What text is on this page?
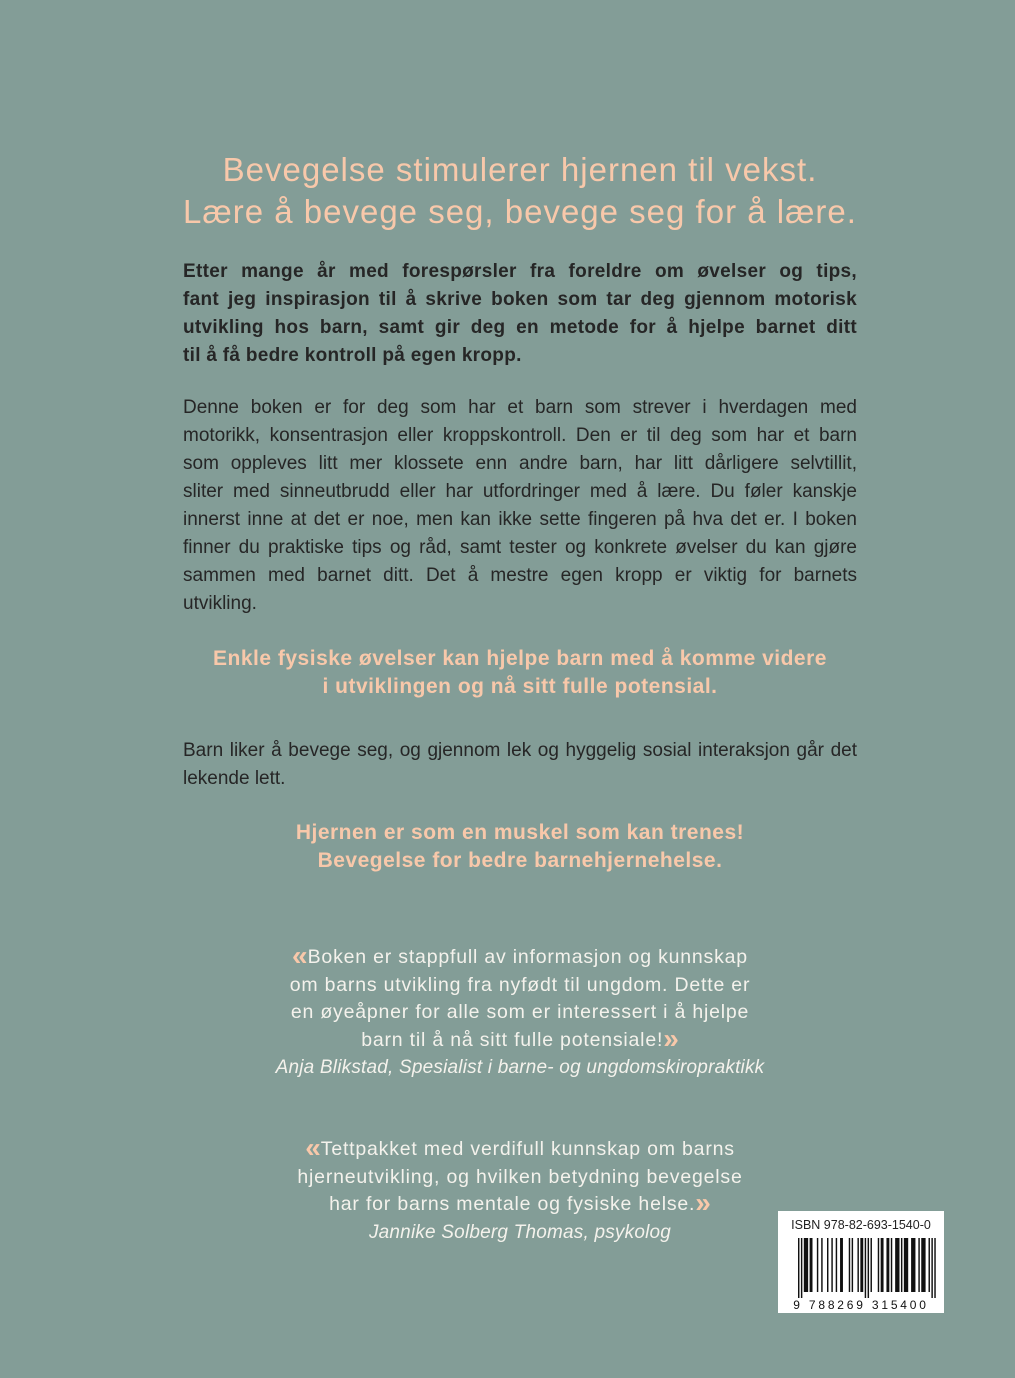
Bevegelse stimulerer hjernen til vekst.
Lære å bevege seg, bevege seg for å lære.
Etter mange år med forespørsler fra foreldre om øvelser og tips,
fant jeg inspirasjon til å skrive boken som tar deg gjennom motorisk
utvikling hos barn, samt gir deg en metode for å hjelpe barnet ditt
til å få bedre kontroll på egen kropp.
Denne boken er for deg som har et barn som strever i hverdagen med
motorikk, konsentrasjon eller kroppskontroll. Den er til deg som har et barn
som oppleves litt mer klossete enn andre barn, har litt dårligere selvtillit,
sliter med sinneutbrudd eller har utfordringer med å lære. Du føler kanskje
innerst inne at det er noe, men kan ikke sette fingeren på hva det er. I boken
finner du praktiske tips og råd, samt tester og konkrete øvelser du kan gjøre
sammen med barnet ditt. Det å mestre egen kropp er viktig for barnets
utvikling.
Enkle fysiske øvelser kan hjelpe barn med å komme videre
i utviklingen og nå sitt fulle potensial.
Barn liker å bevege seg, og gjennom lek og hyggelig sosial interaksjon går det
lekende lett.
Hjernen er som en muskel som kan trenes!
Bevegelse for bedre barnehjernehelse.
«Boken er stappfull av informasjon og kunnskap
om barns utvikling fra nyfødt til ungdom. Dette er
en øyeåpner for alle som er interessert i å hjelpe
barn til å nå sitt fulle potensiale!»
Anja Blikstad, Spesialist i barne- og ungdomskiropraktikk
«Tettpakket med verdifull kunnskap om barns
hjerneutvikling, og hvilken betydning bevegelse
har for barns mentale og fysiske helse.»
Jannike Solberg Thomas, psykolog	ISBN 978-82-693-1540-0
9 788269 315400
